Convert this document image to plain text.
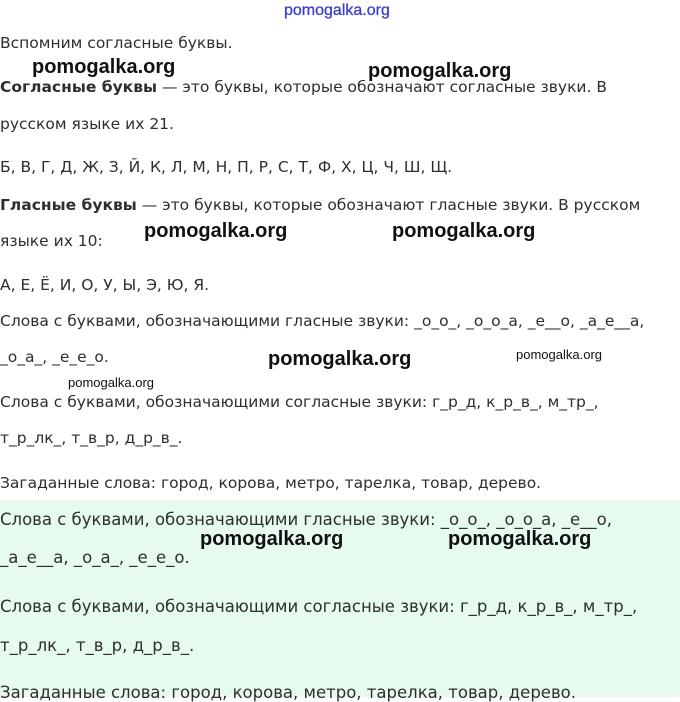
pomogalka.org
Вспомним согласные буквы.
Согласные буквы — это буквы, которые обозначают согласные звуки. В
русском языке их 21.
Б, В, Г, Д, Ж, З, Й, К, Л, М, Н, П, Р, С, Т, Ф, Х, Ц, Ч, Ш, Щ.
Гласные буквы — это буквы, которые обозначают гласные звуки. В русском
языке их 10:
А, Е, Ё, И, О, У, Ы, Э, Ю, Я.
Слова с буквами, обозначающими гласные звуки: _о_о_, _о_о_а, _е__о, _а_е__а,
_о_а_, _е_е_о.
Слова с буквами, обозначающими согласные звуки: г_р_д, к_р_в_, м_тр_,
т_р_лк_, т_в_р, д_р_в_.
Загаданные слова: город, корова, метро, тарелка, товар, дерево.
Слова с буквами, обозначающими гласные звуки: _о_о_, _о_о_а, _е__о,
_а_е__а, _о_а_, _е_е_о.
Слова с буквами, обозначающими согласные звуки: г_р_д, к_р_в_, м_тр_,
т_р_лк_, т_в_р, д_р_в_.
Загаданные слова: город, корова, метро, тарелка, товар, дерево.
pomogalka.org	pomogalka.org
pomogalka.org	pomogalka.org
pomogalka.org	pomogalka.org
pomogalka.org
pomogalka.org	pomogalka.org
